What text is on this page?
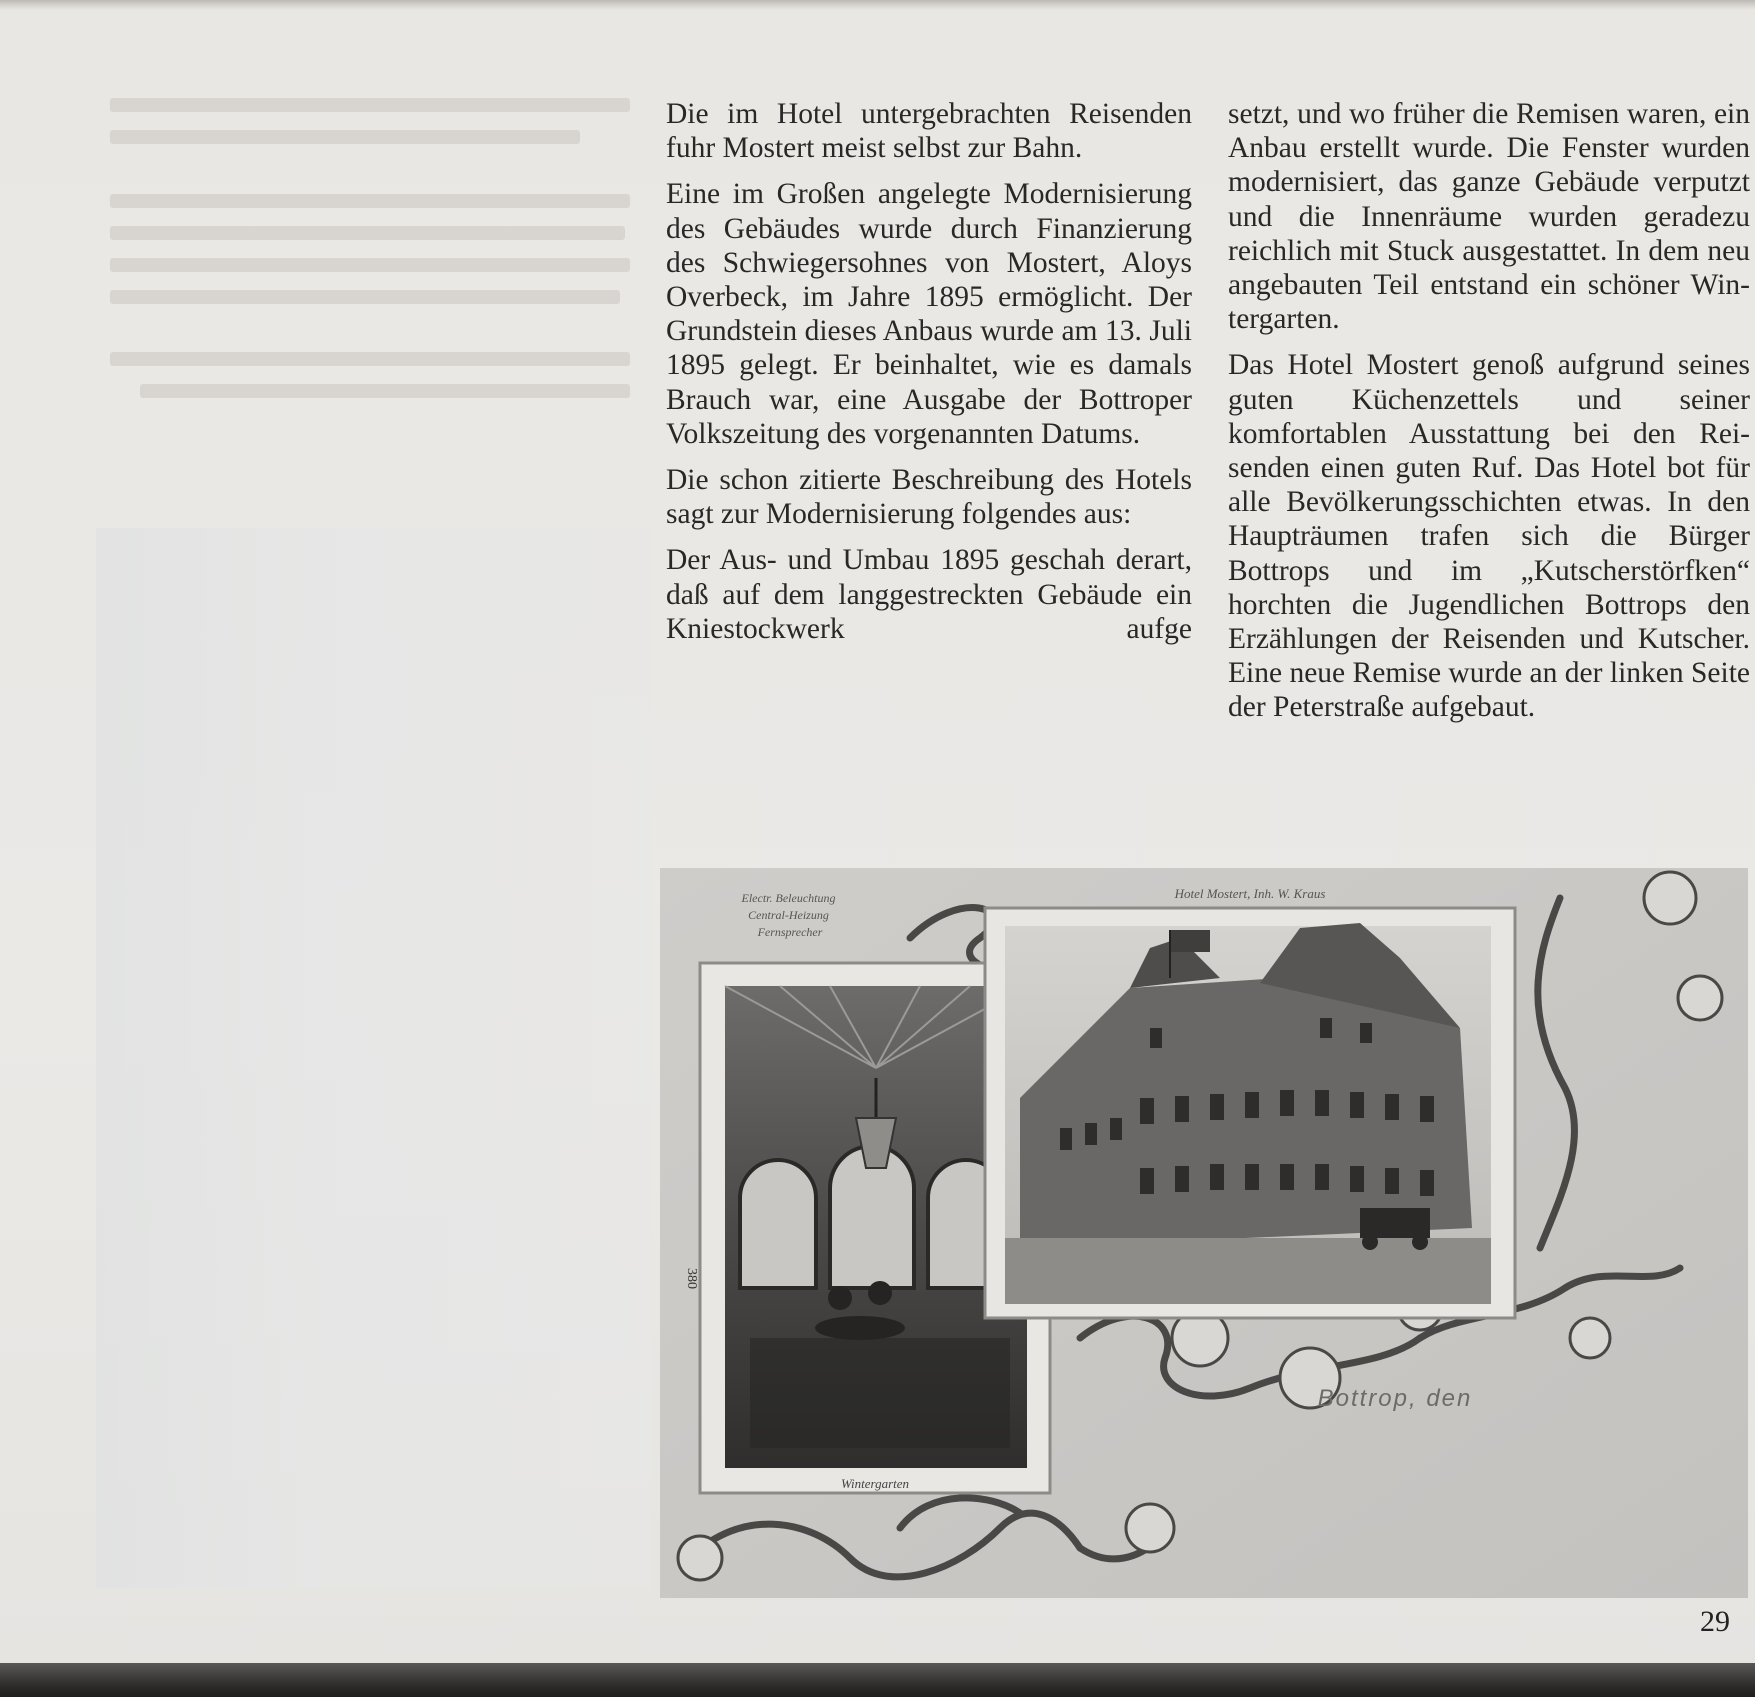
Die im Hotel untergebrachten Reisenden fuhr Mostert meist selbst zur Bahn.

Eine im Großen angelegte Modernisierung des Gebäudes wurde durch Finanzierung des Schwiegersohnes von Mostert, Aloys Overbeck, im Jahre 1895 ermöglicht. Der Grundstein dieses Anbaus wurde am 13. Juli 1895 gelegt. Er beinhaltet, wie es damals Brauch war, eine Ausgabe der Bottroper Volkszeitung des vorgenannten Datums.

Die schon zitierte Beschreibung des Hotels sagt zur Modernisierung folgendes aus:

Der Aus- und Umbau 1895 geschah derart, daß auf dem langgestreckten Gebäude ein Kniestockwerk aufge

setzt, und wo früher die Remisen waren, ein Anbau erstellt wurde. Die Fenster wurden modernisiert, das ganze Gebäude verputzt und die Innenräume wurden geradezu reichlich mit Stuck ausgestattet. In dem neu angebauten Teil entstand ein schöner Wintergarten.

Das Hotel Mostert genoß aufgrund seines guten Küchenzettels und seiner komfortablen Ausstattung bei den Reisenden einen guten Ruf. Das Hotel bot für alle Bevölkerungsschichten etwas. In den Haupträumen trafen sich die Bürger Bottrops und im „Kutscherstörfken“ horchten die Jugendlichen Bottrops den Erzählungen der Reisenden und Kutscher. Eine neue Remise wurde an der linken Seite der Peterstraße aufgebaut.

380
Wintergarten
Electr. Beleuchtung Central-Heizung Fernsprecher
Hotel Mostert, Inh. W. Kraus
Bottrop, den
29
